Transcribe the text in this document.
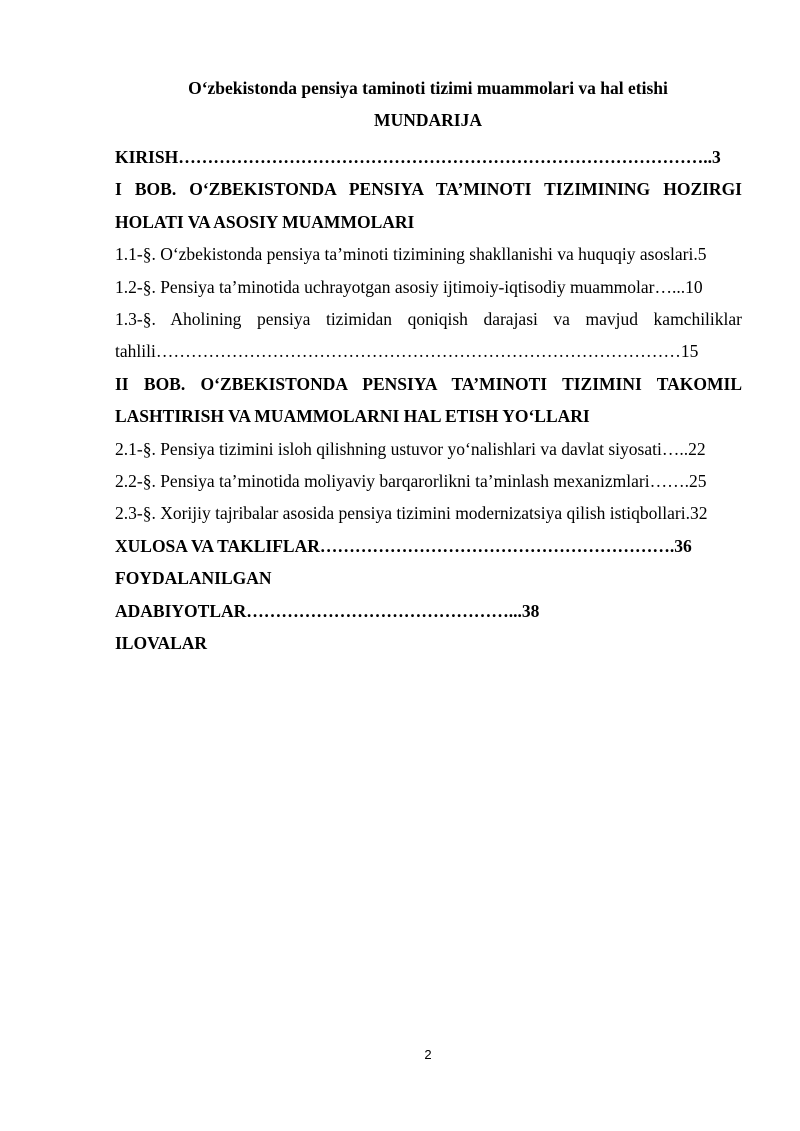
O‘zbekistonda pensiya taminoti tizimi muammolari va hal etishi
MUNDARIJA

KIRISH………………………………………………………………………………..3

I BOB. O‘ZBEKISTONDA PENSIYA TA’MINOTI TIZIMINING HOZIRGI HOLATI VA ASOSIY MUAMMOLARI

1.1-§. O‘zbekistonda pensiya ta’minoti tizimining shakllanishi va huquqiy asoslari.5

1.2-§. Pensiya ta’minotida uchrayotgan asosiy ijtimoiy-iqtisodiy muammolar…...10

1.3-§. Aholining pensiya tizimidan qoniqish darajasi va mavjud kamchiliklar tahlili………………………………………………………………………………15

II BOB. O‘ZBEKISTONDA PENSIYA TA’MINOTI TIZIMINI TAKOMIL LASHTIRISH VA MUAMMOLARNI HAL ETISH YO‘LLARI

2.1-§. Pensiya tizimini isloh qilishning ustuvor yo‘nalishlari va davlat siyosati…..22

2.2-§. Pensiya ta’minotida moliyaviy barqarorlikni ta’minlash mexanizmlari…….25

2.3-§. Xorijiy tajribalar asosida pensiya tizimini modernizatsiya qilish istiqbollari.32

XULOSA VA TAKLIFLAR…………………………………………………….36

FOYDALANILGAN

ADABIYOTLAR………………………………………...38

ILOVALAR

2
